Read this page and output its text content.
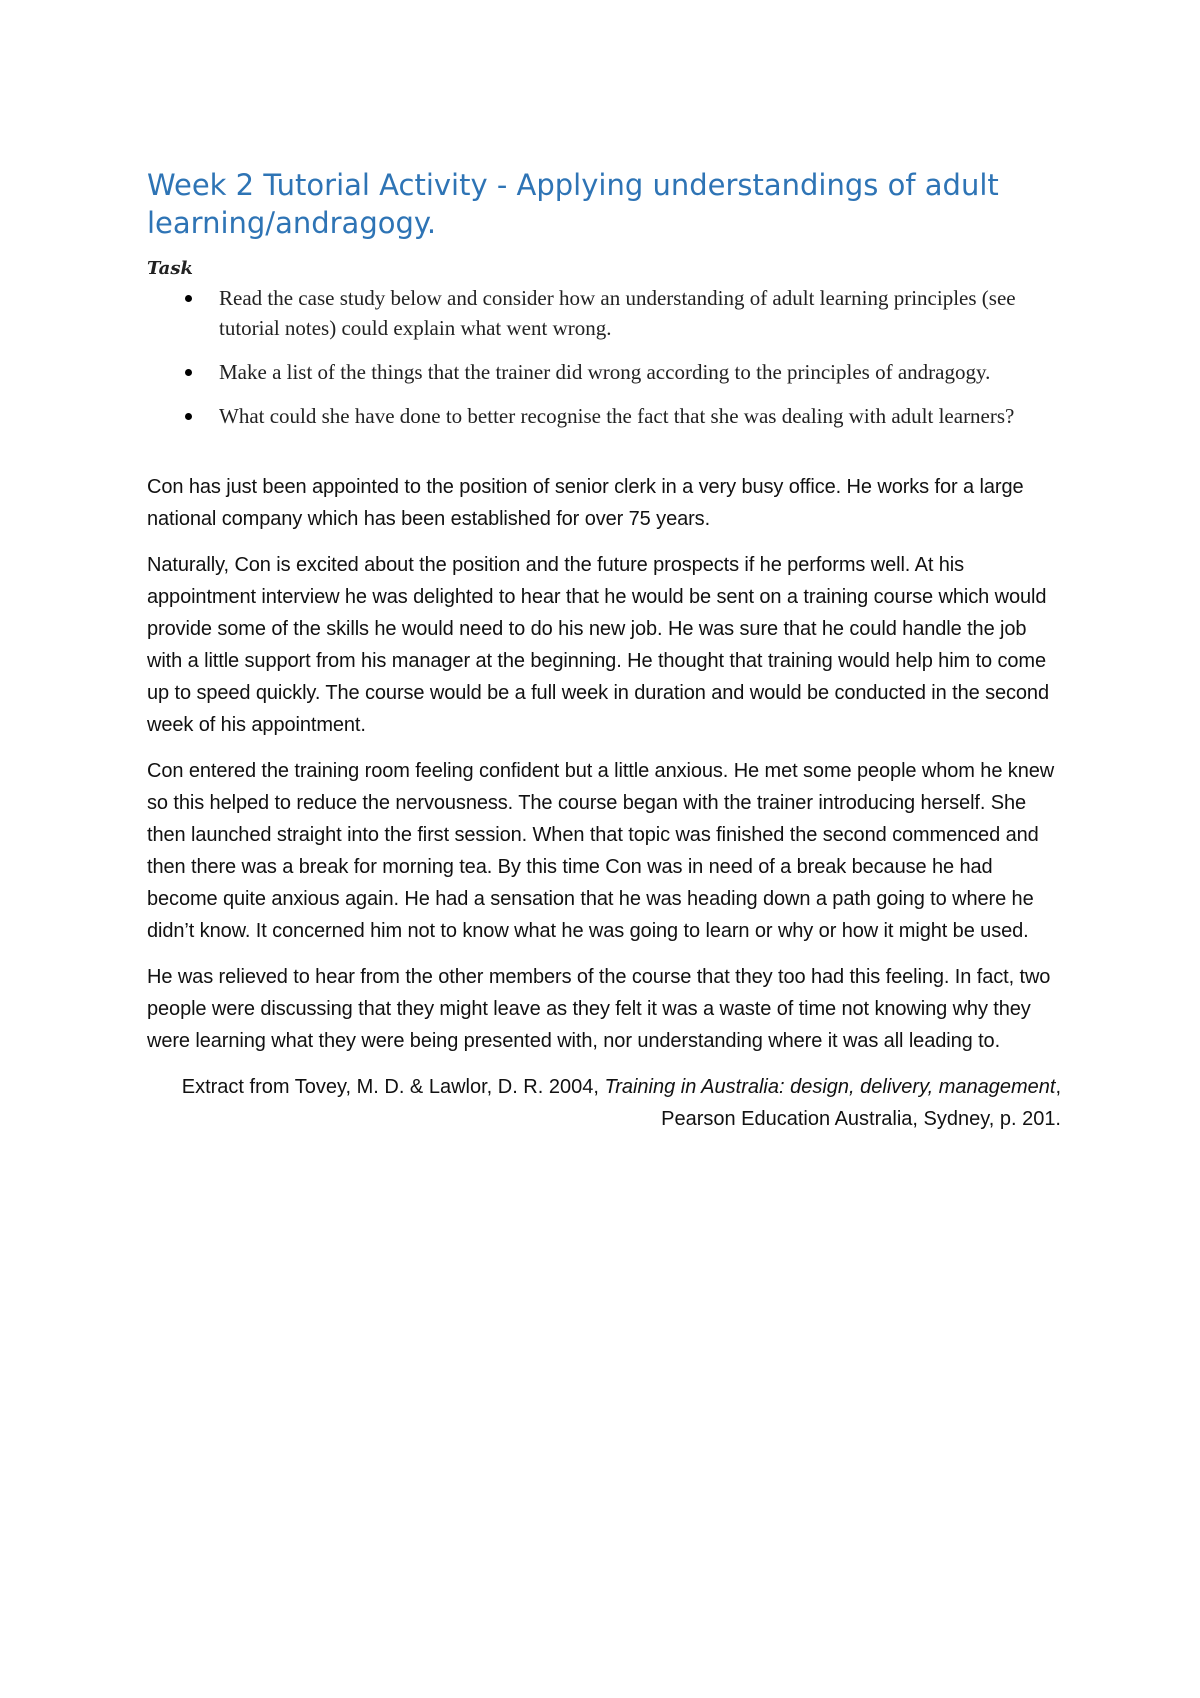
Week 2 Tutorial Activity - Applying understandings of adult learning/andragogy.
Task
Read the case study below and consider how an understanding of adult learning principles (see tutorial notes) could explain what went wrong.
Make a list of the things that the trainer did wrong according to the principles of andragogy.
What could she have done to better recognise the fact that she was dealing with adult learners?

Con has just been appointed to the position of senior clerk in a very busy office. He works for a large national company which has been established for over 75 years.

Naturally, Con is excited about the position and the future prospects if he performs well. At his appointment interview he was delighted to hear that he would be sent on a training course which would provide some of the skills he would need to do his new job. He was sure that he could handle the job with a little support from his manager at the beginning. He thought that training would help him to come up to speed quickly. The course would be a full week in duration and would be conducted in the second week of his appointment.

Con entered the training room feeling confident but a little anxious. He met some people whom he knew so this helped to reduce the nervousness. The course began with the trainer introducing herself. She then launched straight into the first session. When that topic was finished the second commenced and then there was a break for morning tea. By this time Con was in need of a break because he had become quite anxious again. He had a sensation that he was heading down a path going to where he didn’t know. It concerned him not to know what he was going to learn or why or how it might be used.

He was relieved to hear from the other members of the course that they too had this feeling. In fact, two people were discussing that they might leave as they felt it was a waste of time not knowing why they were learning what they were being presented with, nor understanding where it was all leading to.

Extract from Tovey, M. D. & Lawlor, D. R. 2004, Training in Australia: design, delivery, management, Pearson Education Australia, Sydney, p. 201.
